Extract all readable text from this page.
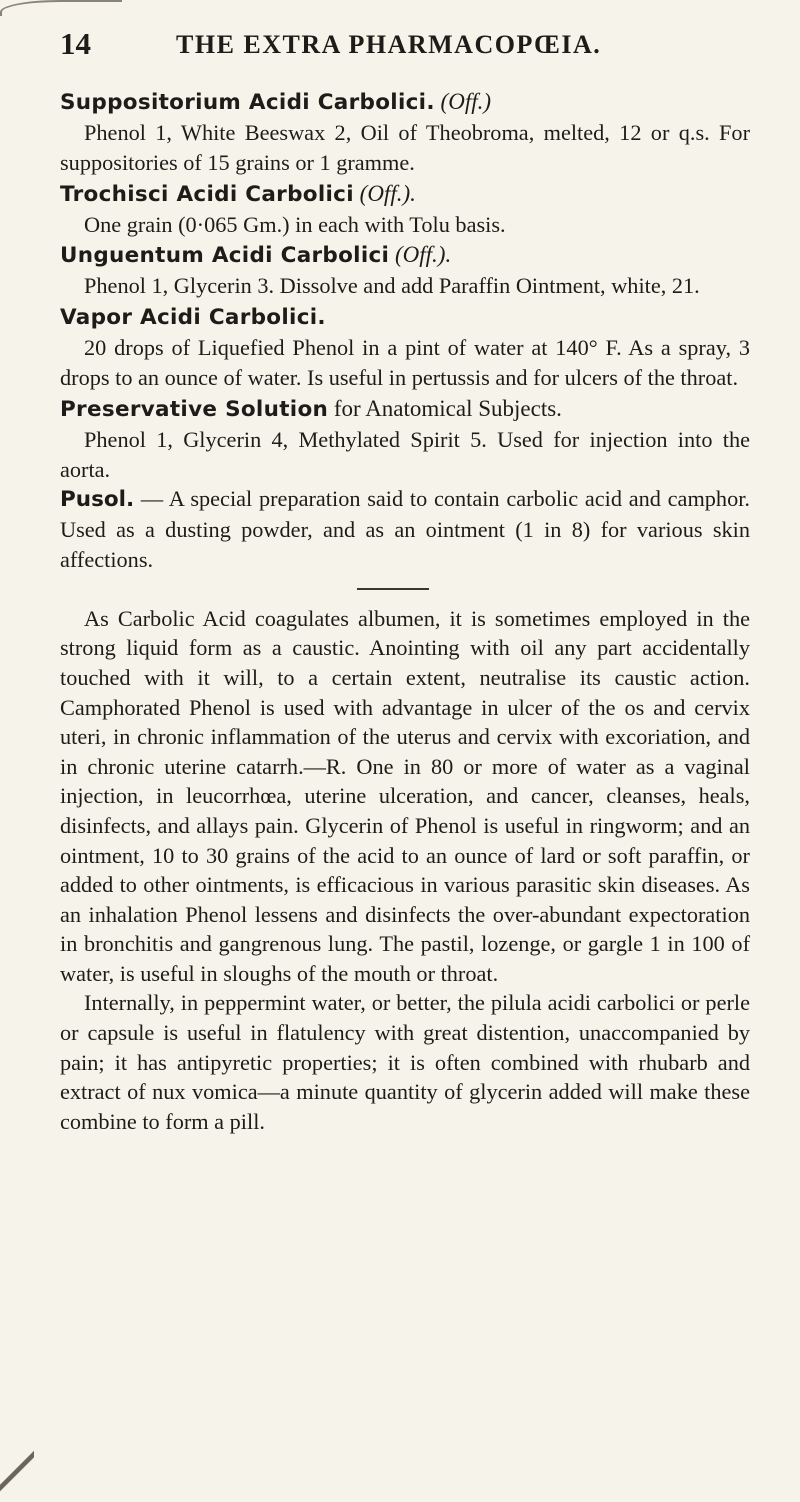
14	THE EXTRA PHARMACOPŒIA.

Suppositorium Acidi Carbolici. (Off.)

Phenol 1, White Beeswax 2, Oil of Theobroma, melted, 12 or q.s. For suppositories of 15 grains or 1 gramme.

Trochisci Acidi Carbolici (Off.).

One grain (0·065 Gm.) in each with Tolu basis.

Unguentum Acidi Carbolici (Off.).

Phenol 1, Glycerin 3. Dissolve and add Paraffin Ointment, white, 21.

Vapor Acidi Carbolici.

20 drops of Liquefied Phenol in a pint of water at 140° F. As a spray, 3 drops to an ounce of water. Is useful in pertussis and for ulcers of the throat.

Preservative Solution for Anatomical Subjects.

Phenol 1, Glycerin 4, Methylated Spirit 5. Used for injection into the aorta.

Pusol. — A special preparation said to contain carbolic acid and camphor. Used as a dusting powder, and as an ointment (1 in 8) for various skin affections.

As Carbolic Acid coagulates albumen, it is sometimes employed in the strong liquid form as a caustic. Anointing with oil any part accidentally touched with it will, to a certain extent, neutralise its caustic action. Camphorated Phenol is used with advantage in ulcer of the os and cervix uteri, in chronic inflammation of the uterus and cervix with excoriation, and in chronic uterine catarrh.—R. One in 80 or more of water as a vaginal injection, in leucorrhœa, uterine ulceration, and cancer, cleanses, heals, disinfects, and allays pain. Glycerin of Phenol is useful in ringworm; and an ointment, 10 to 30 grains of the acid to an ounce of lard or soft paraffin, or added to other ointments, is efficacious in various parasitic skin diseases. As an inhalation Phenol lessens and disinfects the over-abundant expectoration in bronchitis and gangrenous lung. The pastil, lozenge, or gargle 1 in 100 of water, is useful in sloughs of the mouth or throat.

Internally, in peppermint water, or better, the pilula acidi carbolici or perle or capsule is useful in flatulency with great distention, unaccompanied by pain; it has antipyretic properties; it is often combined with rhubarb and extract of nux vomica—a minute quantity of glycerin added will make these combine to form a pill.
